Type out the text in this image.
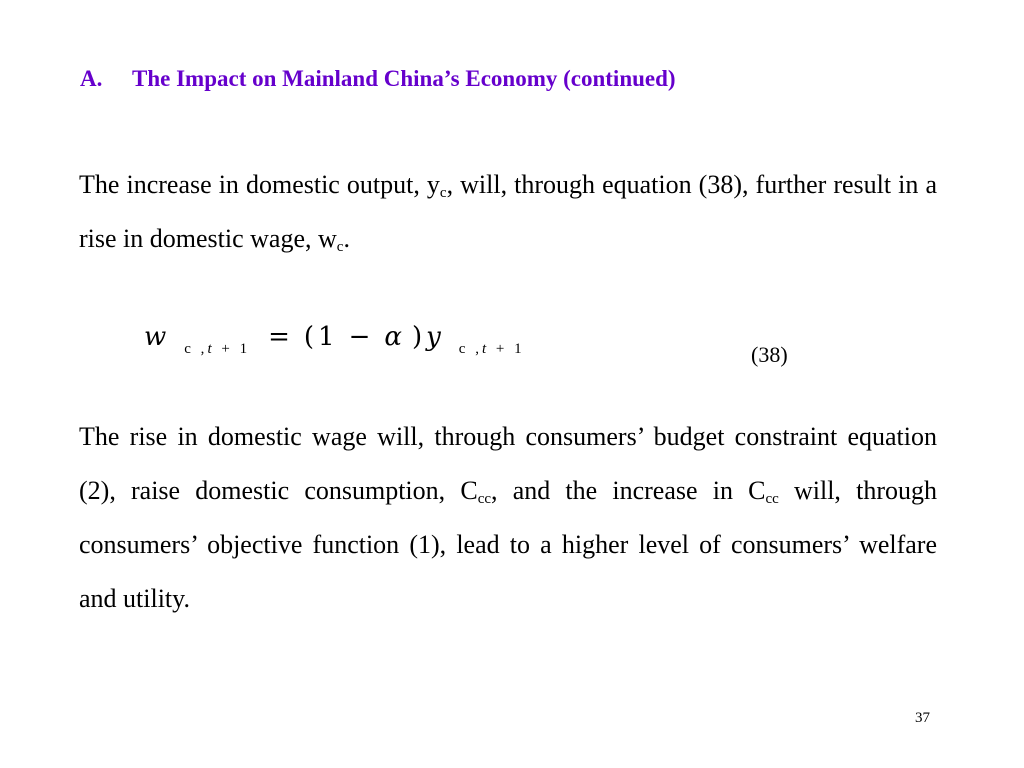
A. The Impact on Mainland China’s Economy (continued)

The increase in domestic output, $y_c$, will, through equation (38), further result in a rise in domestic wage, $w_c$.

w c ,t + 1 = (1 − α )y c ,t + 1	(38)

The rise in domestic wage will, through consumers’ budget constraint equation (2), raise domestic consumption, $C_{cc}$, and the increase in $C_{cc}$ will, through consumers’ objective function (1), lead to a higher level of consumers’ welfare and utility.

37
